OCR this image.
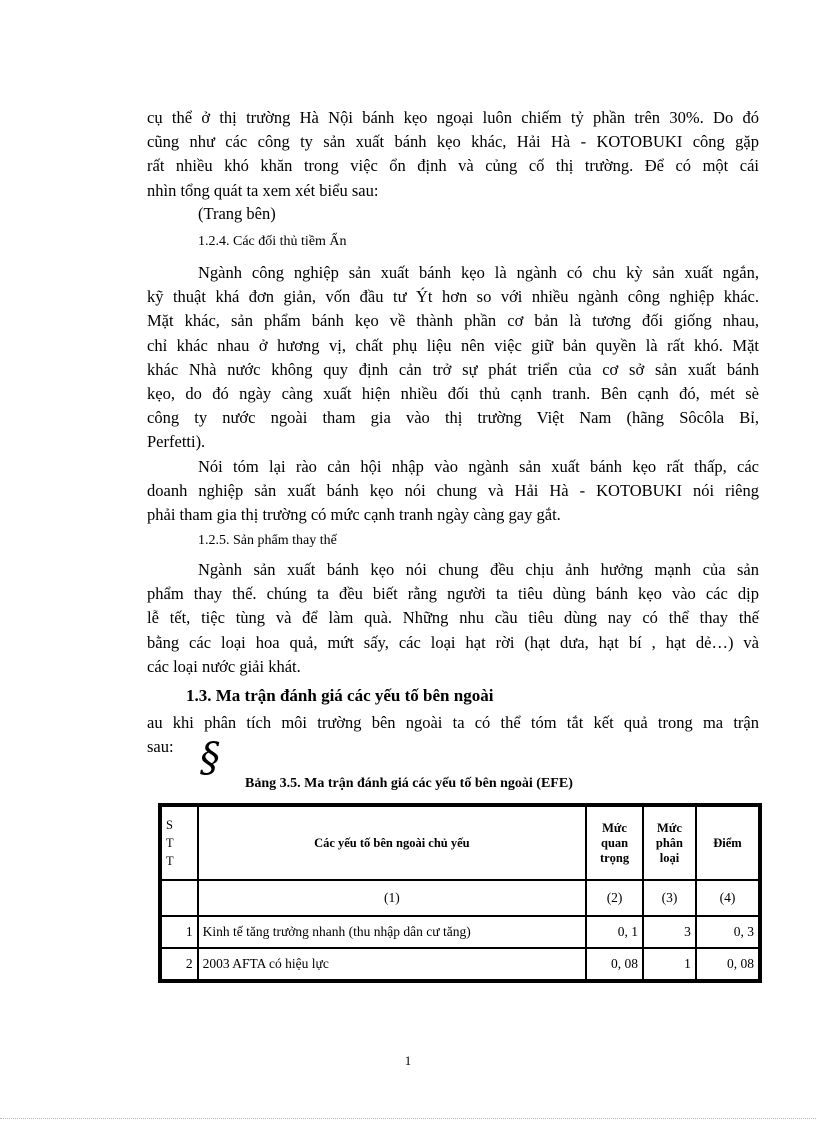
cụ thể ở thị trường Hà Nội bánh kẹo ngoại luôn chiếm tỷ phần trên 30%. Do đó
cũng như các công ty sản xuất bánh kẹo khác, Hải Hà - KOTOBUKI công gặp
rất nhiều khó khăn trong việc ổn định và củng cố thị trường. Để có một cái
nhìn tổng quát ta xem xét biểu sau:
(Trang bên)
1.2.4. Các đối thủ tiềm Ẩn
Ngành công nghiệp sản xuất bánh kẹo là ngành có chu kỳ sản xuất ngắn,
kỹ thuật khá đơn giản, vốn đầu tư Ýt hơn so với nhiều ngành công nghiệp khác.
Mặt khác, sản phẩm bánh kẹo về thành phần cơ bản là tương đối giống nhau,
chỉ khác nhau ở hương vị, chất phụ liệu nên việc giữ bản quyền là rất khó. Mặt
khác Nhà nước không quy định cản trở sự phát triển của cơ sở sản xuất bánh
kẹo, do đó ngày càng xuất hiện nhiều đối thủ cạnh tranh. Bên cạnh đó, mét sè
công ty nước ngoài tham gia vào thị trường Việt Nam (hãng Sôcôla Bỉ,
Perfetti).
Nói tóm lại rào cản hội nhập vào ngành sản xuất bánh kẹo rất thấp, các
doanh nghiệp sản xuất bánh kẹo nói chung và Hải Hà - KOTOBUKI nói riêng
phải tham gia thị trường có mức cạnh tranh ngày càng gay gắt.
1.2.5. Sản phẩm thay thế
Ngành sản xuất bánh kẹo nói chung đều chịu ảnh hưởng mạnh của sản
phẩm thay thế. chúng ta đều biết rằng người ta tiêu dùng bánh kẹo vào các dịp
lễ tết, tiệc tùng và để làm quà. Những nhu cầu tiêu dùng nay có thể thay thế
bằng các loại hoa quả, mứt sấy, các loại hạt rời (hạt dưa, hạt bí , hạt dẻ…) và
các loại nước giải khát.
1.3. Ma trận đánh giá các yếu tố bên ngoài
au khi phân tích môi trường bên ngoài ta có thể tóm tắt kết quả trong ma trận
sau: §
Bảng 3.5. Ma trận đánh giá các yếu tố bên ngoài (EFE)
S
T
T	Các yếu tố bên ngoài chủ yếu	Mức quan trọng	Mức phân loại	Điểm
	(1)	(2)	(3)	(4)
1	Kinh tế tăng trưởng nhanh (thu nhập dân cư tăng)	0, 1	3	0, 3
2	2003 AFTA có hiệu lực	0, 08	1	0, 08
1
